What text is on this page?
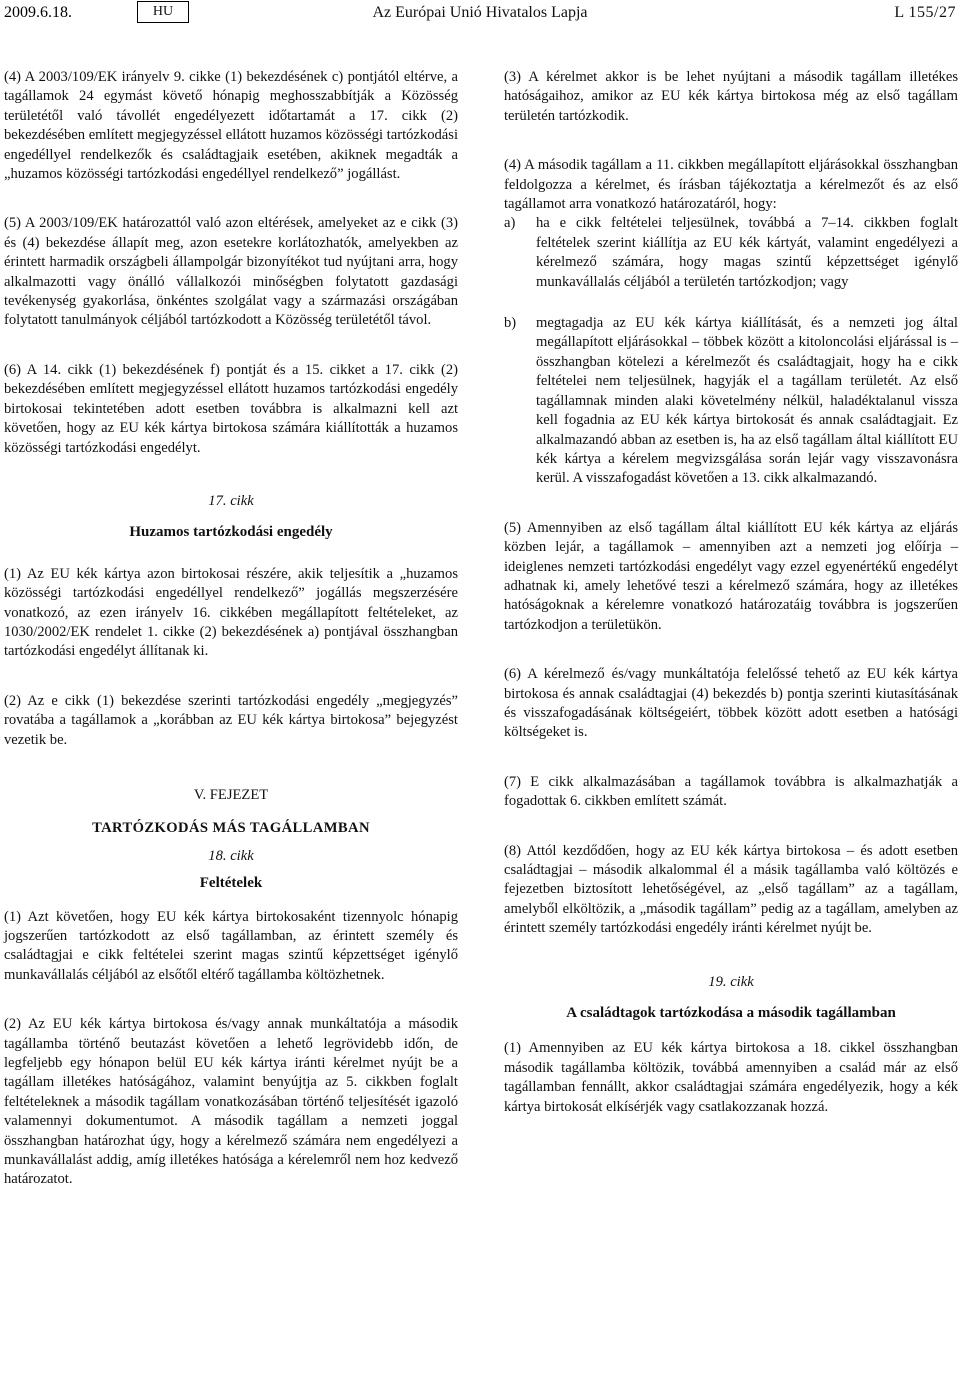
2009.6.18.	HU	Az Európai Unió Hivatalos Lapja	L 155/27

(4) A 2003/109/EK irányelv 9. cikke (1) bekezdésének c) pontjától eltérve, a tagállamok 24 egymást követő hónapig meghosszabbítják a Közösség területétől való távollét engedélyezett időtartamát a 17. cikk (2) bekezdésében említett megjegyzéssel ellátott huzamos közösségi tartózkodási engedéllyel rendelkezők és családtagjaik esetében, akiknek megadták a „huzamos közösségi tartózkodási engedéllyel rendelkező” jogállást.

(5) A 2003/109/EK határozattól való azon eltérések, amelyeket az e cikk (3) és (4) bekezdése állapít meg, azon esetekre korlátozhatók, amelyekben az érintett harmadik országbeli állampolgár bizonyítékot tud nyújtani arra, hogy alkalmazotti vagy önálló vállalkozói minőségben folytatott gazdasági tevékenység gyakorlása, önkéntes szolgálat vagy a származási országában folytatott tanulmányok céljából tartózkodott a Közösség területétől távol.

(6) A 14. cikk (1) bekezdésének f) pontját és a 15. cikket a 17. cikk (2) bekezdésében említett megjegyzéssel ellátott huzamos tartózkodási engedély birtokosai tekintetében adott esetben továbbra is alkalmazni kell azt követően, hogy az EU kék kártya birtokosa számára kiállították a huzamos közösségi tartózkodási engedélyt.

17. cikk

Huzamos tartózkodási engedély

(1) Az EU kék kártya azon birtokosai részére, akik teljesítik a „huzamos közösségi tartózkodási engedéllyel rendelkező” jogállás megszerzésére vonatkozó, az ezen irányelv 16. cikkében megállapított feltételeket, az 1030/2002/EK rendelet 1. cikke (2) bekezdésének a) pontjával összhangban tartózkodási engedélyt állítanak ki.

(2) Az e cikk (1) bekezdése szerinti tartózkodási engedély „megjegyzés” rovatába a tagállamok a „korábban az EU kék kártya birtokosa” bejegyzést vezetik be.

V. FEJEZET

TARTÓZKODÁS MÁS TAGÁLLAMBAN

18. cikk

Feltételek

(1) Azt követően, hogy EU kék kártya birtokosaként tizennyolc hónapig jogszerűen tartózkodott az első tagállamban, az érintett személy és családtagjai e cikk feltételei szerint magas szintű képzettséget igénylő munkavállalás céljából az elsőtől eltérő tagállamba költözhetnek.

(2) Az EU kék kártya birtokosa és/vagy annak munkáltatója a második tagállamba történő beutazást követően a lehető legrövidebb időn, de legfeljebb egy hónapon belül EU kék kártya iránti kérelmet nyújt be a tagállam illetékes hatóságához, valamint benyújtja az 5. cikkben foglalt feltételeknek a második tagállam vonatkozásában történő teljesítését igazoló valamennyi dokumentumot. A második tagállam a nemzeti joggal összhangban határozhat úgy, hogy a kérelmező számára nem engedélyezi a munkavállalást addig, amíg illetékes hatósága a kérelemről nem hoz kedvező határozatot.

(3) A kérelmet akkor is be lehet nyújtani a második tagállam illetékes hatóságaihoz, amikor az EU kék kártya birtokosa még az első tagállam területén tartózkodik.

(4) A második tagállam a 11. cikkben megállapított eljárásokkal összhangban feldolgozza a kérelmet, és írásban tájékoztatja a kérelmezőt és az első tagállamot arra vonatkozó határozatáról, hogy:

a) ha e cikk feltételei teljesülnek, továbbá a 7–14. cikkben foglalt feltételek szerint kiállítja az EU kék kártyát, valamint engedélyezi a kérelmező számára, hogy magas szintű képzettséget igénylő munkavállalás céljából a területén tartózkodjon; vagy
b) megtagadja az EU kék kártya kiállítását, és a nemzeti jog által megállapított eljárásokkal – többek között a kitoloncolási eljárással is – összhangban kötelezi a kérelmezőt és családtagjait, hogy ha e cikk feltételei nem teljesülnek, hagyják el a tagállam területét. Az első tagállamnak minden alaki követelmény nélkül, haladéktalanul vissza kell fogadnia az EU kék kártya birtokosát és annak családtagjait. Ez alkalmazandó abban az esetben is, ha az első tagállam által kiállított EU kék kártya a kérelem megvizsgálása során lejár vagy visszavonásra kerül. A visszafogadást követően a 13. cikk alkalmazandó.

(5) Amennyiben az első tagállam által kiállított EU kék kártya az eljárás közben lejár, a tagállamok – amennyiben azt a nemzeti jog előírja – ideiglenes nemzeti tartózkodási engedélyt vagy ezzel egyenértékű engedélyt adhatnak ki, amely lehetővé teszi a kérelmező számára, hogy az illetékes hatóságoknak a kérelemre vonatkozó határozatáig továbbra is jogszerűen tartózkodjon a területükön.

(6) A kérelmező és/vagy munkáltatója felelőssé tehető az EU kék kártya birtokosa és annak családtagjai (4) bekezdés b) pontja szerinti kiutasításának és visszafogadásának költségeiért, többek között adott esetben a hatósági költségeket is.

(7) E cikk alkalmazásában a tagállamok továbbra is alkalmazhatják a fogadottak 6. cikkben említett számát.

(8) Attól kezdődően, hogy az EU kék kártya birtokosa – és adott esetben családtagjai – második alkalommal él a másik tagállamba való költözés e fejezetben biztosított lehetőségével, az „első tagállam” az a tagállam, amelyből elköltözik, a „második tagállam” pedig az a tagállam, amelyben az érintett személy tartózkodási engedély iránti kérelmet nyújt be.

19. cikk

A családtagok tartózkodása a második tagállamban

(1) Amennyiben az EU kék kártya birtokosa a 18. cikkel összhangban második tagállamba költözik, továbbá amennyiben a család már az első tagállamban fennállt, akkor családtagjai számára engedélyezik, hogy a kék kártya birtokosát elkísérjék vagy csatlakozzanak hozzá.
